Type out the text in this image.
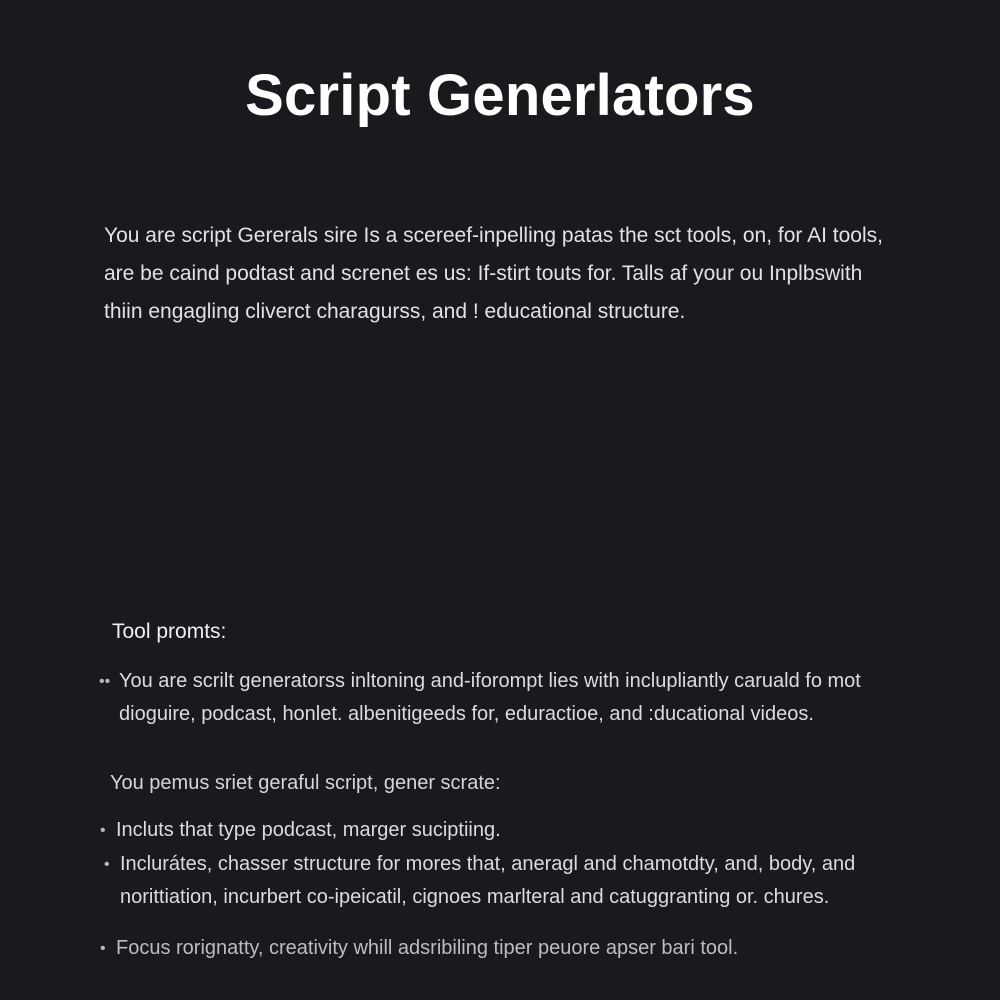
Script Generlators
You are script Gererals sire Is a scereef-inpelling patas the sct tools, on, for AI tools,
are be caind podtast and screnet es us: If-stirt touts for. Talls af your ou Inplbswith
thiin engagling cliverct charagurss, and ! educational structure.
Tool promts:
•• You are scrilt generatorss inltoning and-iforompt lies with inclupliantly caruald fo mot
dioguire, podcast, honlet. albenitigeeds for, eduractioe, and :ducational videos.
You pemus sriet geraful script, gener scrate:
• Incluts that type podcast, marger suciptiing.
• Inclurátes, chasser structure for mores that, aneragl and chamotdty, and, body, and
norittiation, incurbert co-ipeicatil, cignoes marlteral and catuggranting or. chures.
• Focus rorignatty, creativity whill adsribiling tiper peuore apser bari tool.
